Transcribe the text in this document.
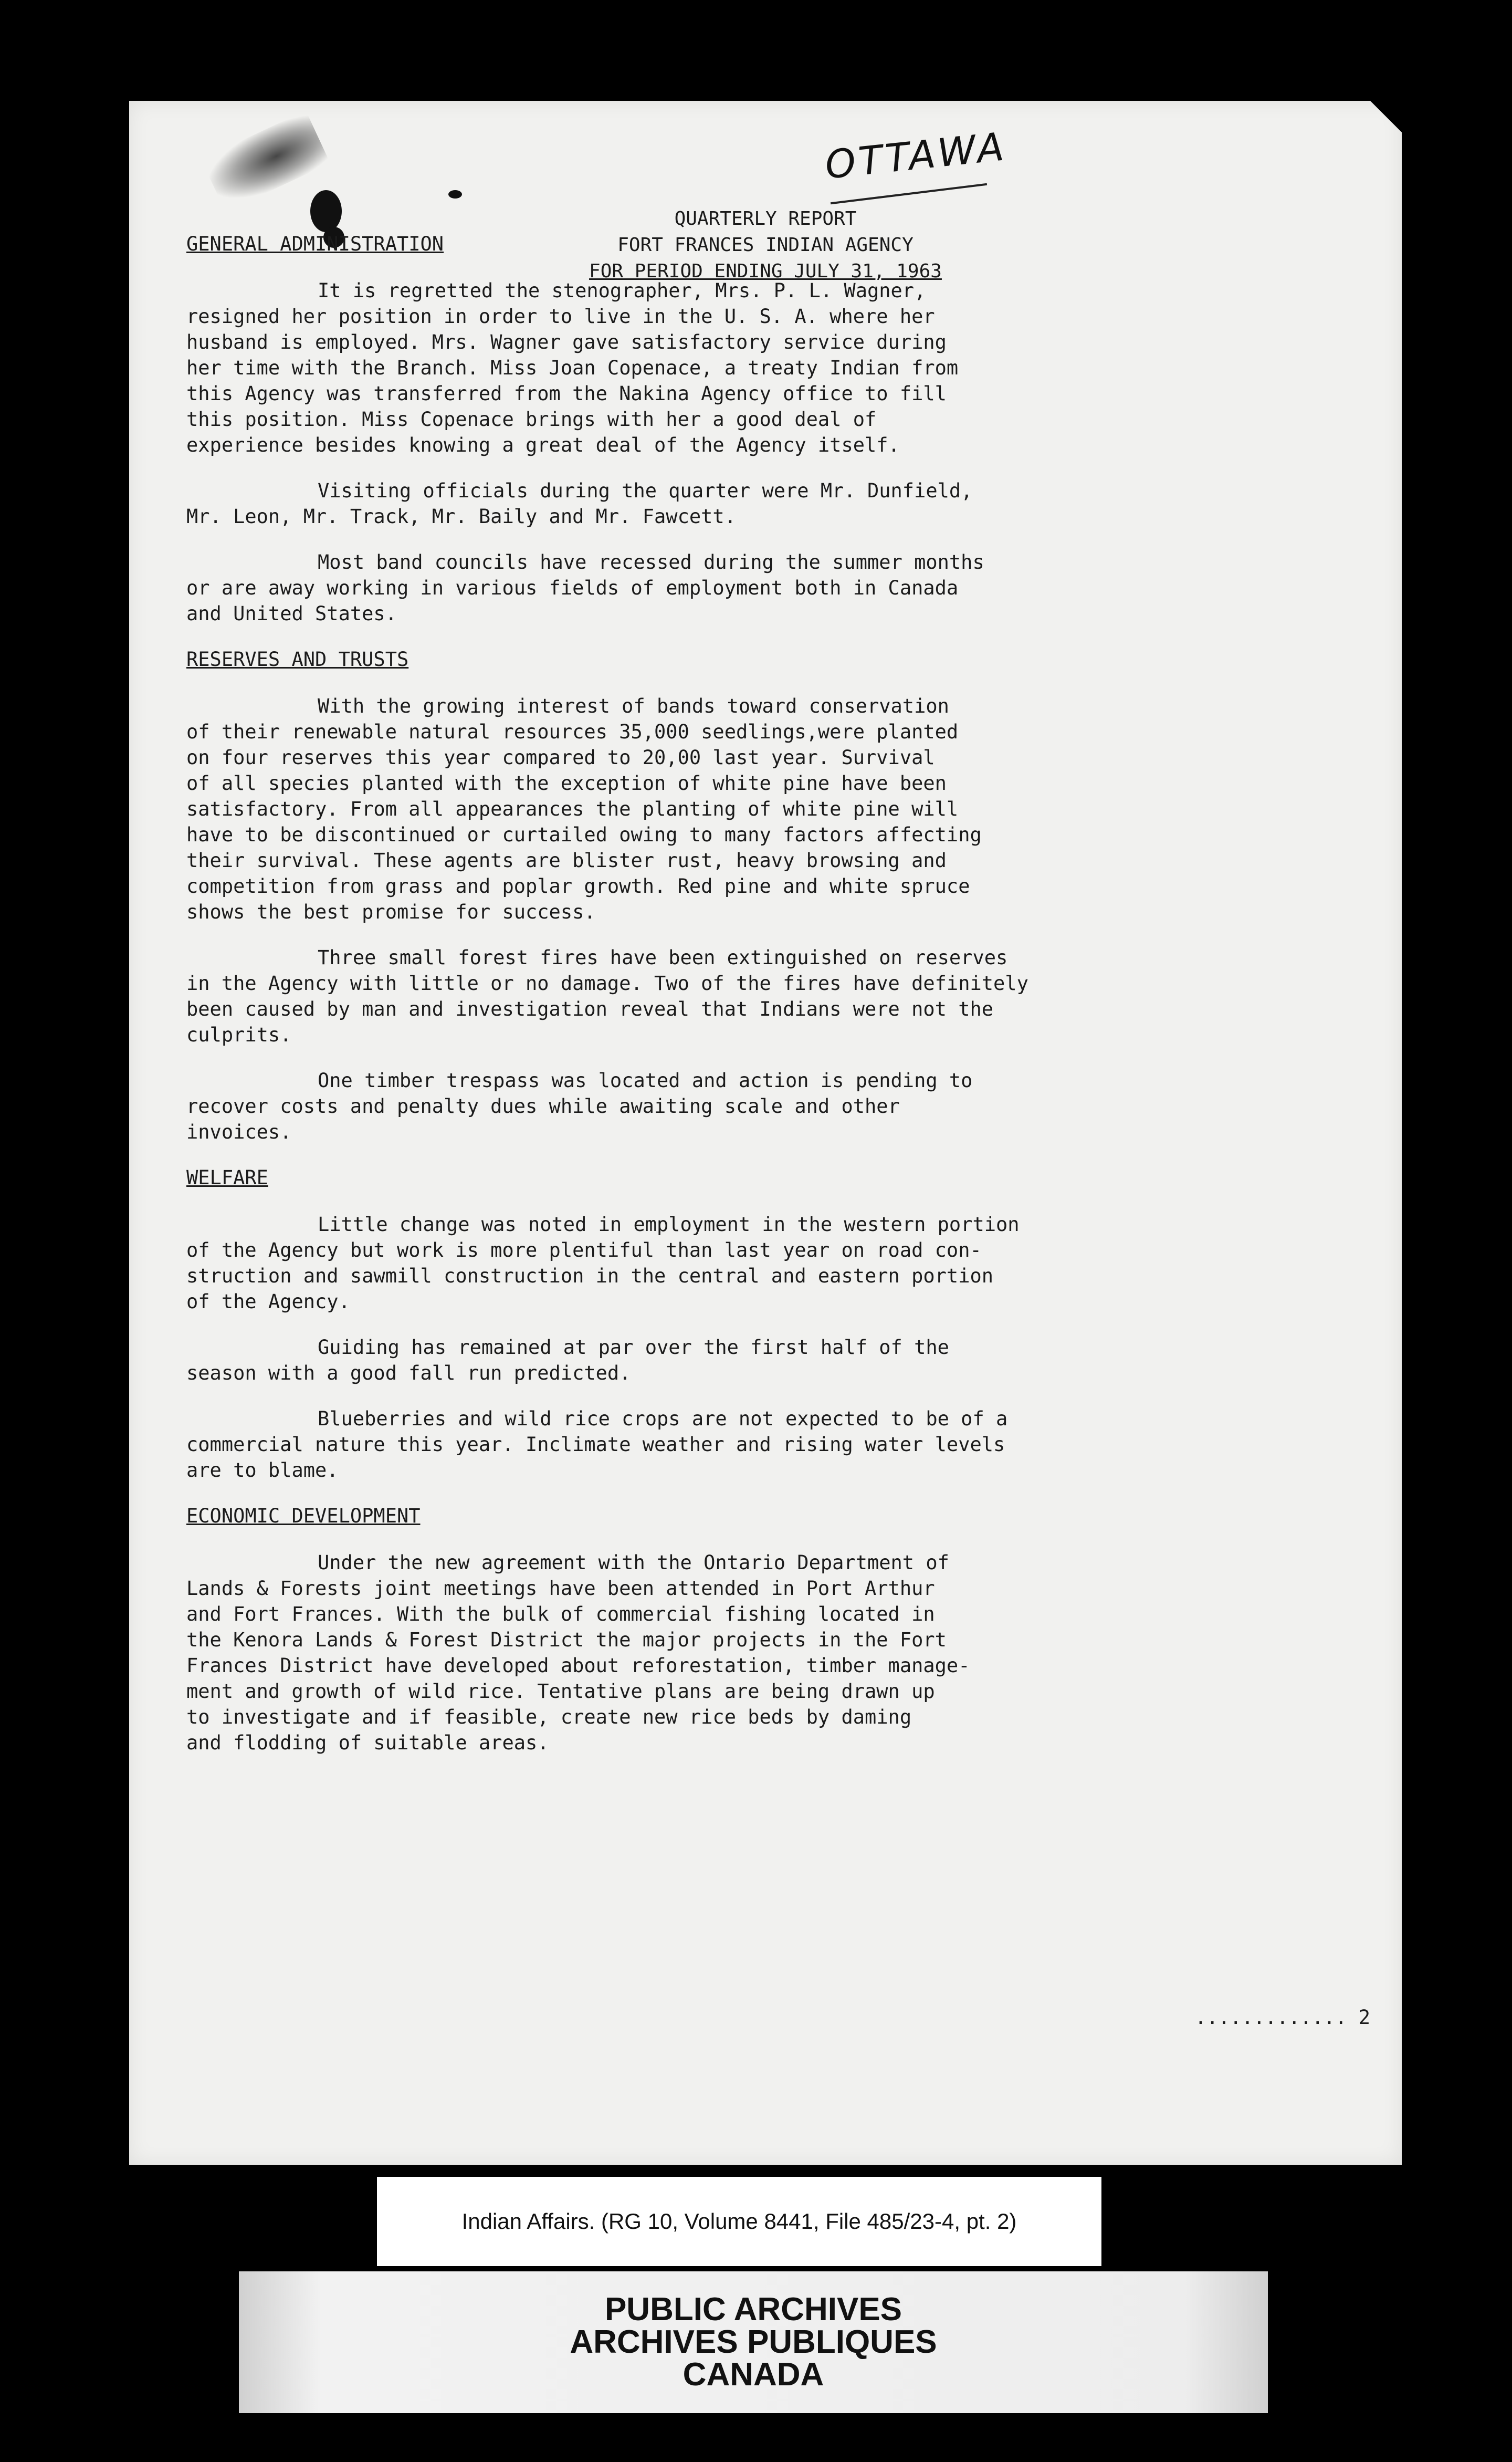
OTTAWA

QUARTERLY REPORT
FORT FRANCES INDIAN AGENCY
FOR PERIOD ENDING JULY 31, 1963
GENERAL ADMINISTRATION

It is regretted the stenographer, Mrs. P. L. Wagner,
resigned her position in order to live in the U. S. A. where her
husband is employed. Mrs. Wagner gave satisfactory service during
her time with the Branch. Miss Joan Copenace, a treaty Indian from
this Agency was transferred from the Nakina Agency office to fill
this position. Miss Copenace brings with her a good deal of
experience besides knowing a great deal of the Agency itself.

Visiting officials during the quarter were Mr. Dunfield,
Mr. Leon, Mr. Track, Mr. Baily and Mr. Fawcett.

Most band councils have recessed during the summer months
or are away working in various fields of employment both in Canada
and United States.

RESERVES AND TRUSTS

With the growing interest of bands toward conservation
of their renewable natural resources 35,000 seedlings,were planted
on four reserves this year compared to 20,00 last year. Survival
of all species planted with the exception of white pine have been
satisfactory. From all appearances the planting of white pine will
have to be discontinued or curtailed owing to many factors affecting
their survival. These agents are blister rust, heavy browsing and
competition from grass and poplar growth. Red pine and white spruce
shows the best promise for success.

Three small forest fires have been extinguished on reserves
in the Agency with little or no damage. Two of the fires have definitely
been caused by man and investigation reveal that Indians were not the
culprits.

One timber trespass was located and action is pending to
recover costs and penalty dues while awaiting scale and other
invoices.

WELFARE

Little change was noted in employment in the western portion
of the Agency but work is more plentiful than last year on road con-
struction and sawmill construction in the central and eastern portion
of the Agency.

Guiding has remained at par over the first half of the
season with a good fall run predicted.

Blueberries and wild rice crops are not expected to be of a
commercial nature this year. Inclimate weather and rising water levels
are to blame.

ECONOMIC DEVELOPMENT

Under the new agreement with the Ontario Department of
Lands & Forests joint meetings have been attended in Port Arthur
and Fort Frances. With the bulk of commercial fishing located in
the Kenora Lands & Forest District the major projects in the Fort
Frances District have developed about reforestation, timber manage-
ment and growth of wild rice. Tentative plans are being drawn up
to investigate and if feasible, create new rice beds by daming
and flodding of suitable areas.

............. 2

Indian Affairs. (RG 10, Volume 8441, File 485/23-4, pt. 2)
PUBLIC ARCHIVES
ARCHIVES PUBLIQUES
CANADA
